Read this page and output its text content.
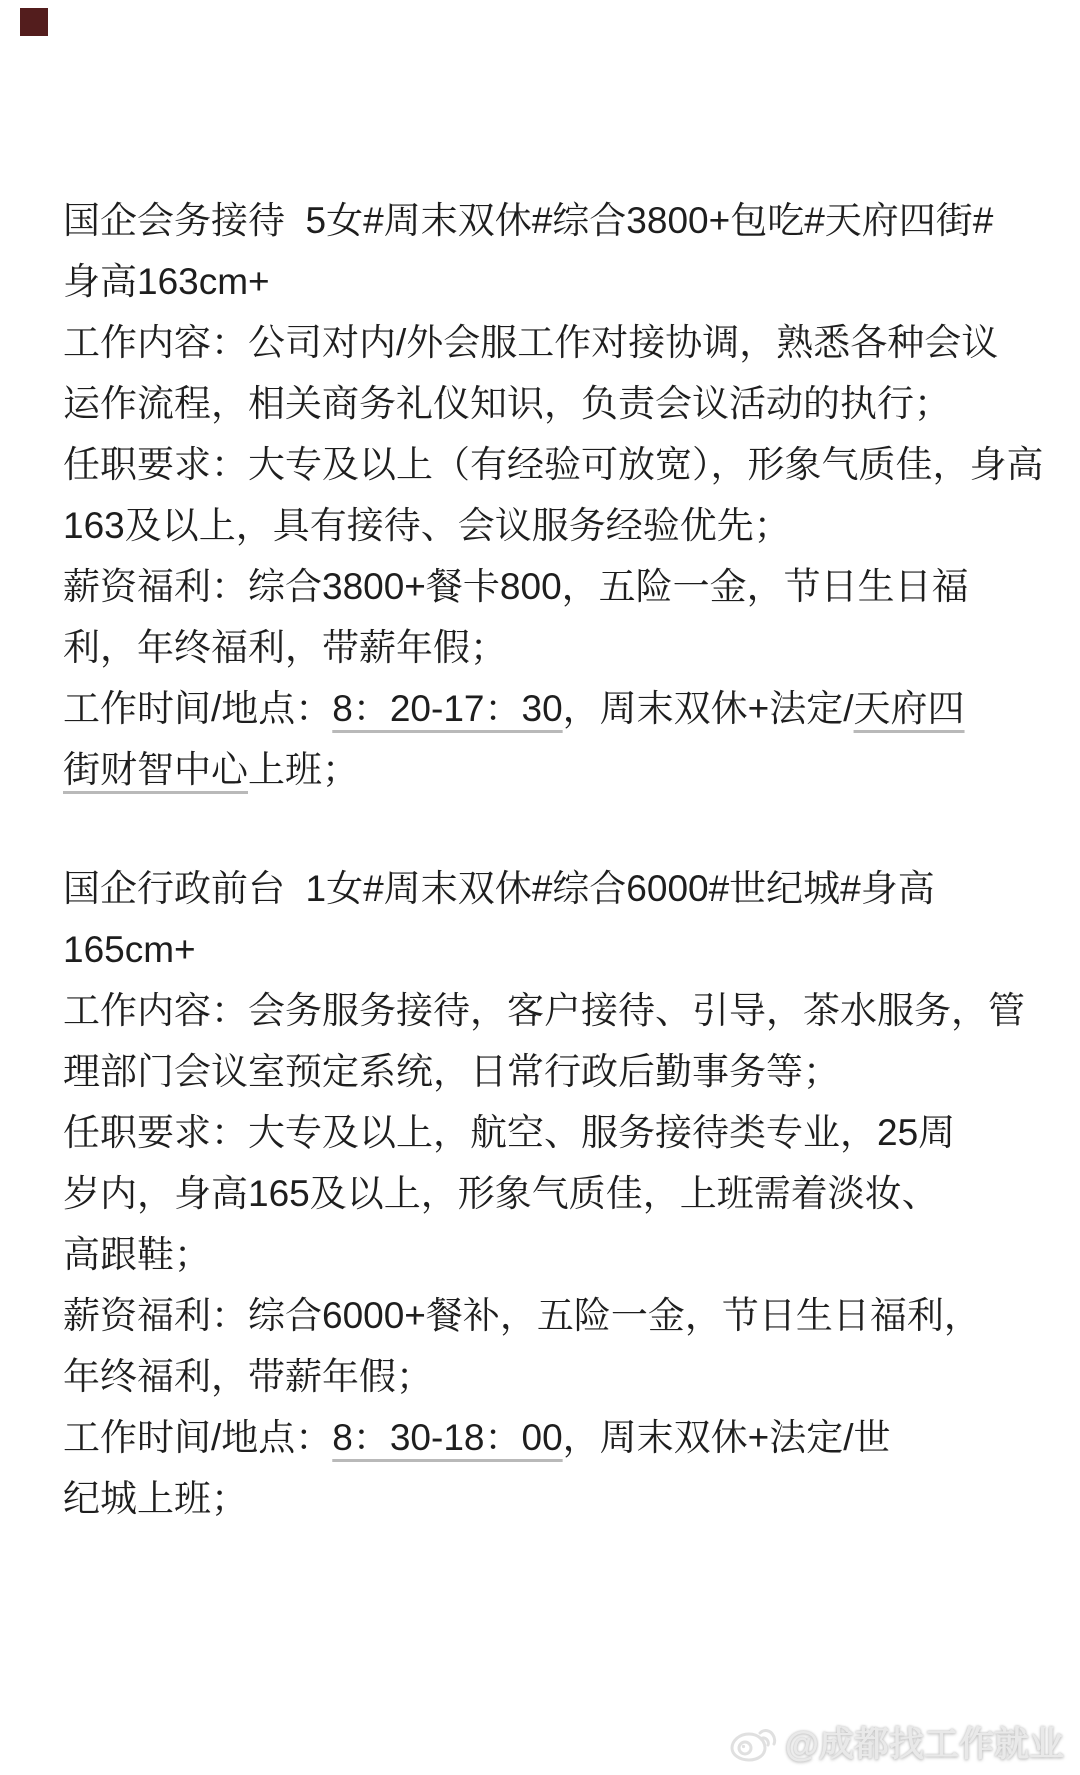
国企会务接待  5女#周末双休#综合3800+包吃#天府四街#
身高163cm+
工作内容：公司对内/外会服工作对接协调，熟悉各种会议
运作流程，相关商务礼仪知识，负责会议活动的执行；
任职要求：大专及以上（有经验可放宽），形象气质佳，身高
163及以上，具有接待、会议服务经验优先；
薪资福利：综合3800+餐卡800，五险一金，节日生日福
利，年终福利，带薪年假；
工作时间/地点：8：20-17：30，周末双休+法定/天府四
街财智中心上班；
国企行政前台  1女#周末双休#综合6000#世纪城#身高
165cm+
工作内容：会务服务接待，客户接待、引导，茶水服务，管
理部门会议室预定系统，日常行政后勤事务等；
任职要求：大专及以上，航空、服务接待类专业，25周
岁内，身高165及以上，形象气质佳，上班需着淡妆、
高跟鞋；
薪资福利：综合6000+餐补，五险一金，节日生日福利，
年终福利，带薪年假；
工作时间/地点：8：30-18：00，周末双休+法定/世
纪城上班；
@成都找工作就业
